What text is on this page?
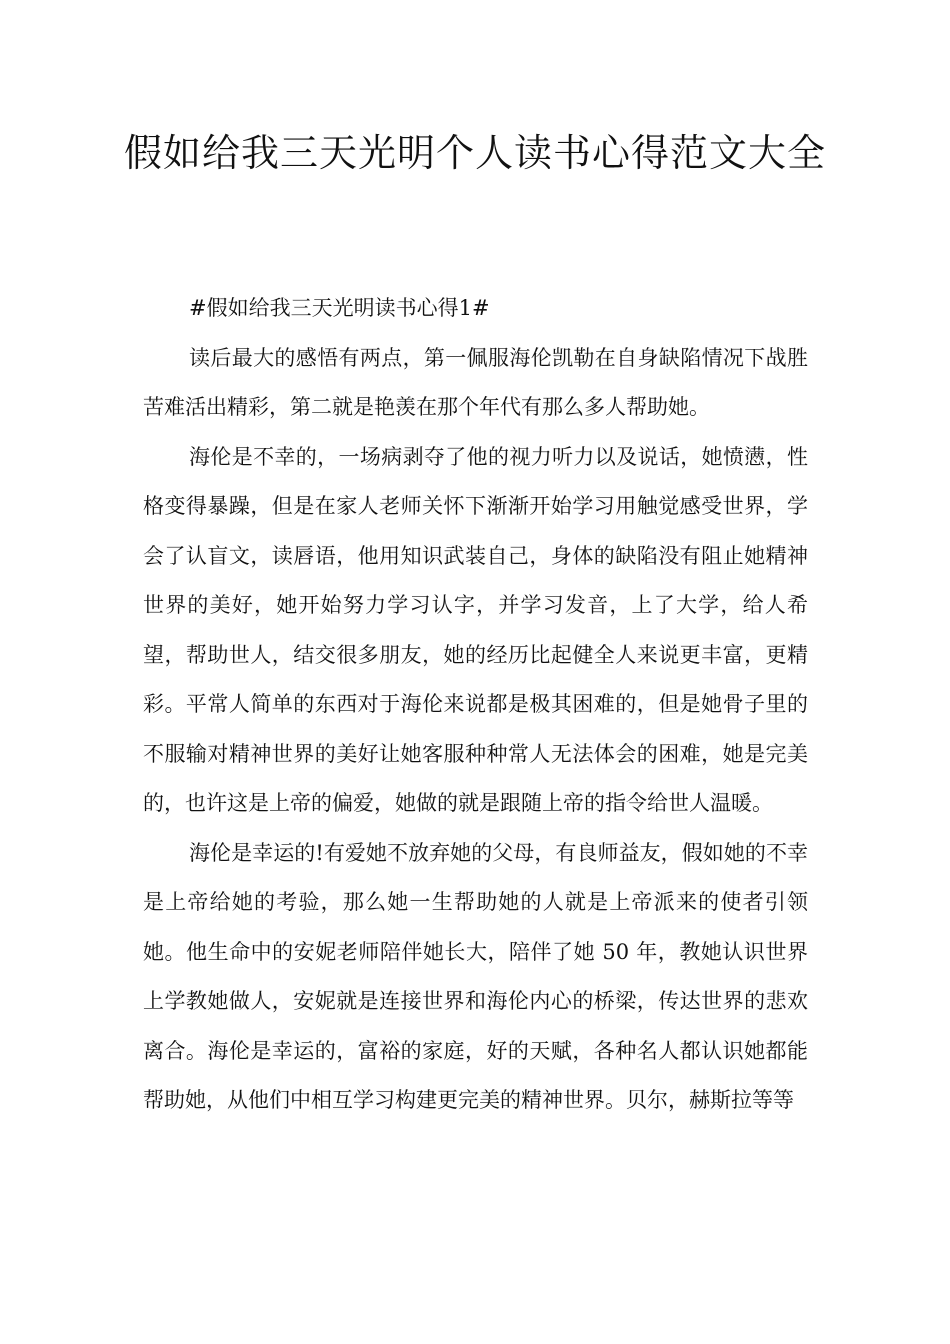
假如给我三天光明个人读书心得范文大全

#假如给我三天光明读书心得1#

读后最大的感悟有两点，第一佩服海伦凯勒在自身缺陷情况下战胜苦难活出精彩，第二就是艳羡在那个年代有那么多人帮助她。

海伦是不幸的，一场病剥夺了他的视力听力以及说话，她愤懑，性格变得暴躁，但是在家人老师关怀下渐渐开始学习用触觉感受世界，学会了认盲文，读唇语，他用知识武装自己，身体的缺陷没有阻止她精神世界的美好，她开始努力学习认字，并学习发音，上了大学，给人希望，帮助世人，结交很多朋友，她的经历比起健全人来说更丰富，更精彩。平常人简单的东西对于海伦来说都是极其困难的，但是她骨子里的不服输对精神世界的美好让她客服种种常人无法体会的困难，她是完美的，也许这是上帝的偏爱，她做的就是跟随上帝的指令给世人温暖。

海伦是幸运的!有爱她不放弃她的父母，有良师益友，假如她的不幸是上帝给她的考验，那么她一生帮助她的人就是上帝派来的使者引领她。他生命中的安妮老师陪伴她长大，陪伴了她 50 年，教她认识世界上学教她做人，安妮就是连接世界和海伦内心的桥梁，传达世界的悲欢离合。海伦是幸运的，富裕的家庭，好的天赋，各种名人都认识她都能帮助她，从他们中相互学习构建更完美的精神世界。贝尔，赫斯拉等等
